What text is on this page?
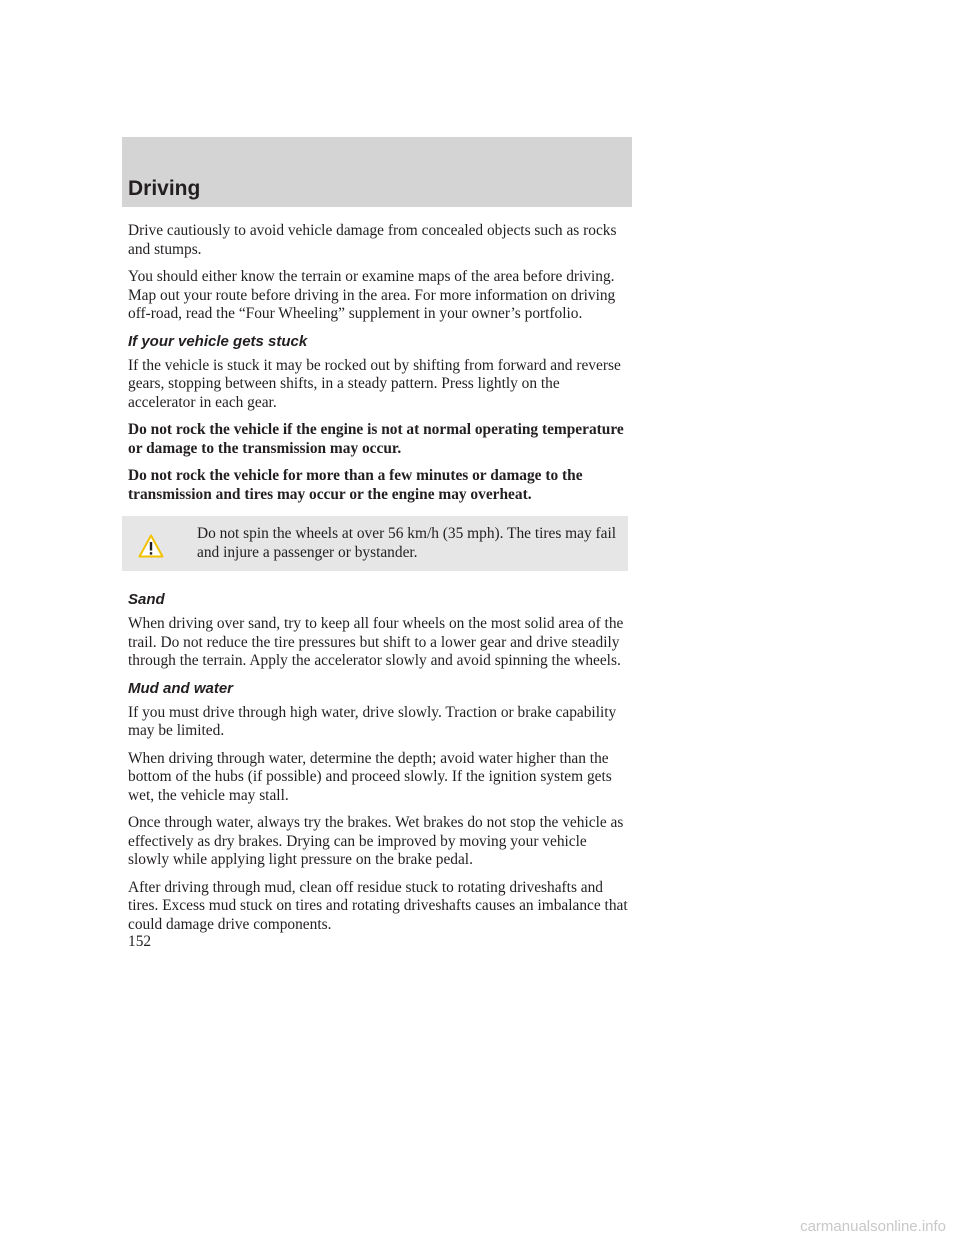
Driving

Drive cautiously to avoid vehicle damage from concealed objects such as rocks and stumps.

You should either know the terrain or examine maps of the area before driving. Map out your route before driving in the area. For more information on driving off-road, read the “Four Wheeling” supplement in your owner’s portfolio.

If your vehicle gets stuck

If the vehicle is stuck it may be rocked out by shifting from forward and reverse gears, stopping between shifts, in a steady pattern. Press lightly on the accelerator in each gear.

Do not rock the vehicle if the engine is not at normal operating temperature or damage to the transmission may occur.

Do not rock the vehicle for more than a few minutes or damage to the transmission and tires may occur or the engine may overheat.

Do not spin the wheels at over 56 km/h (35 mph). The tires may fail and injure a passenger or bystander.

Sand

When driving over sand, try to keep all four wheels on the most solid area of the trail. Do not reduce the tire pressures but shift to a lower gear and drive steadily through the terrain. Apply the accelerator slowly and avoid spinning the wheels.

Mud and water

If you must drive through high water, drive slowly. Traction or brake capability may be limited.

When driving through water, determine the depth; avoid water higher than the bottom of the hubs (if possible) and proceed slowly. If the ignition system gets wet, the vehicle may stall.

Once through water, always try the brakes. Wet brakes do not stop the vehicle as effectively as dry brakes. Drying can be improved by moving your vehicle slowly while applying light pressure on the brake pedal.

After driving through mud, clean off residue stuck to rotating driveshafts and tires. Excess mud stuck on tires and rotating driveshafts causes an imbalance that could damage drive components.

152

carmanualsonline.info
